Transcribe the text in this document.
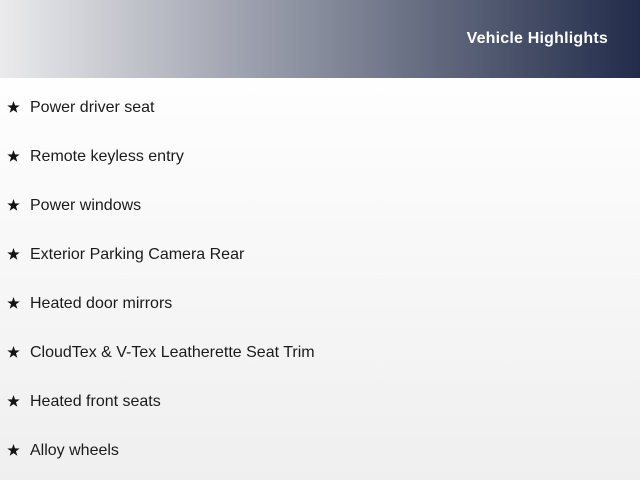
Vehicle Highlights
Power driver seat
Remote keyless entry
Power windows
Exterior Parking Camera Rear
Heated door mirrors
CloudTex & V-Tex Leatherette Seat Trim
Heated front seats
Alloy wheels
